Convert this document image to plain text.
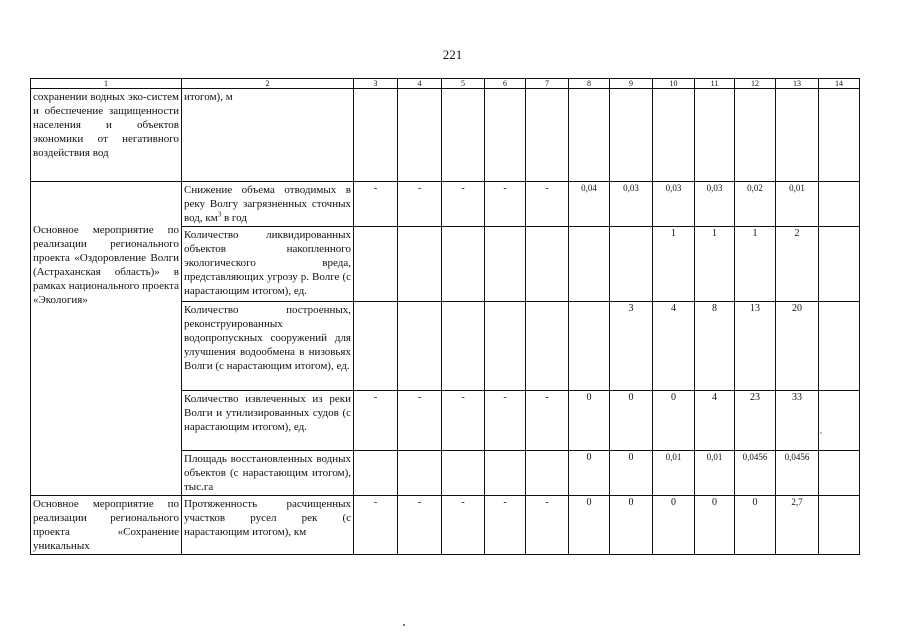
221
1	2	3	4	5	6	7	8	9	10	11	12	13	14
сохранении водных эко-систем и обеспечение защищенности населения и объектов экономики от негативного воздействия вод	итогом), м												

Основное мероприятие по реализации регионального проекта «Оздоровление Волги (Астраханская область)» в рамках национального проекта «Экология»	Снижение объема отводимых в реку Волгу загрязненных сточных вод, $км^3$ в год	-	-	-	-	-	0,04	0,03	0,03	0,03	0,02	0,01	
	Количество ликвидированных объектов накопленного экологического вреда, представляющих угрозу р. Волге (с нарастающим итогом), ед.								1	1	1	2	
	Количество построенных, реконструированных водопропускных сооружений для улучшения водообмена в низовьях Волги (с нарастающим итогом), ед.							3	4	8	13	20	
	Количество извлеченных из реки Волги и утилизированных судов (с нарастающим итогом), ед.	-	-	-	-	-	0	0	0	4	23	33	
	Площадь восстановленных водных объектов (с нарастающим итогом), тыс.га						0	0	0,01	0,01	0,0456	0,0456	
Основное мероприятие по реализации регионального проекта «Сохранение уникальных	Протяженность расчищенных участков русел рек (с нарастающим итогом), км	-	-	-	-	-	0	0	0	0	0	2,7	
